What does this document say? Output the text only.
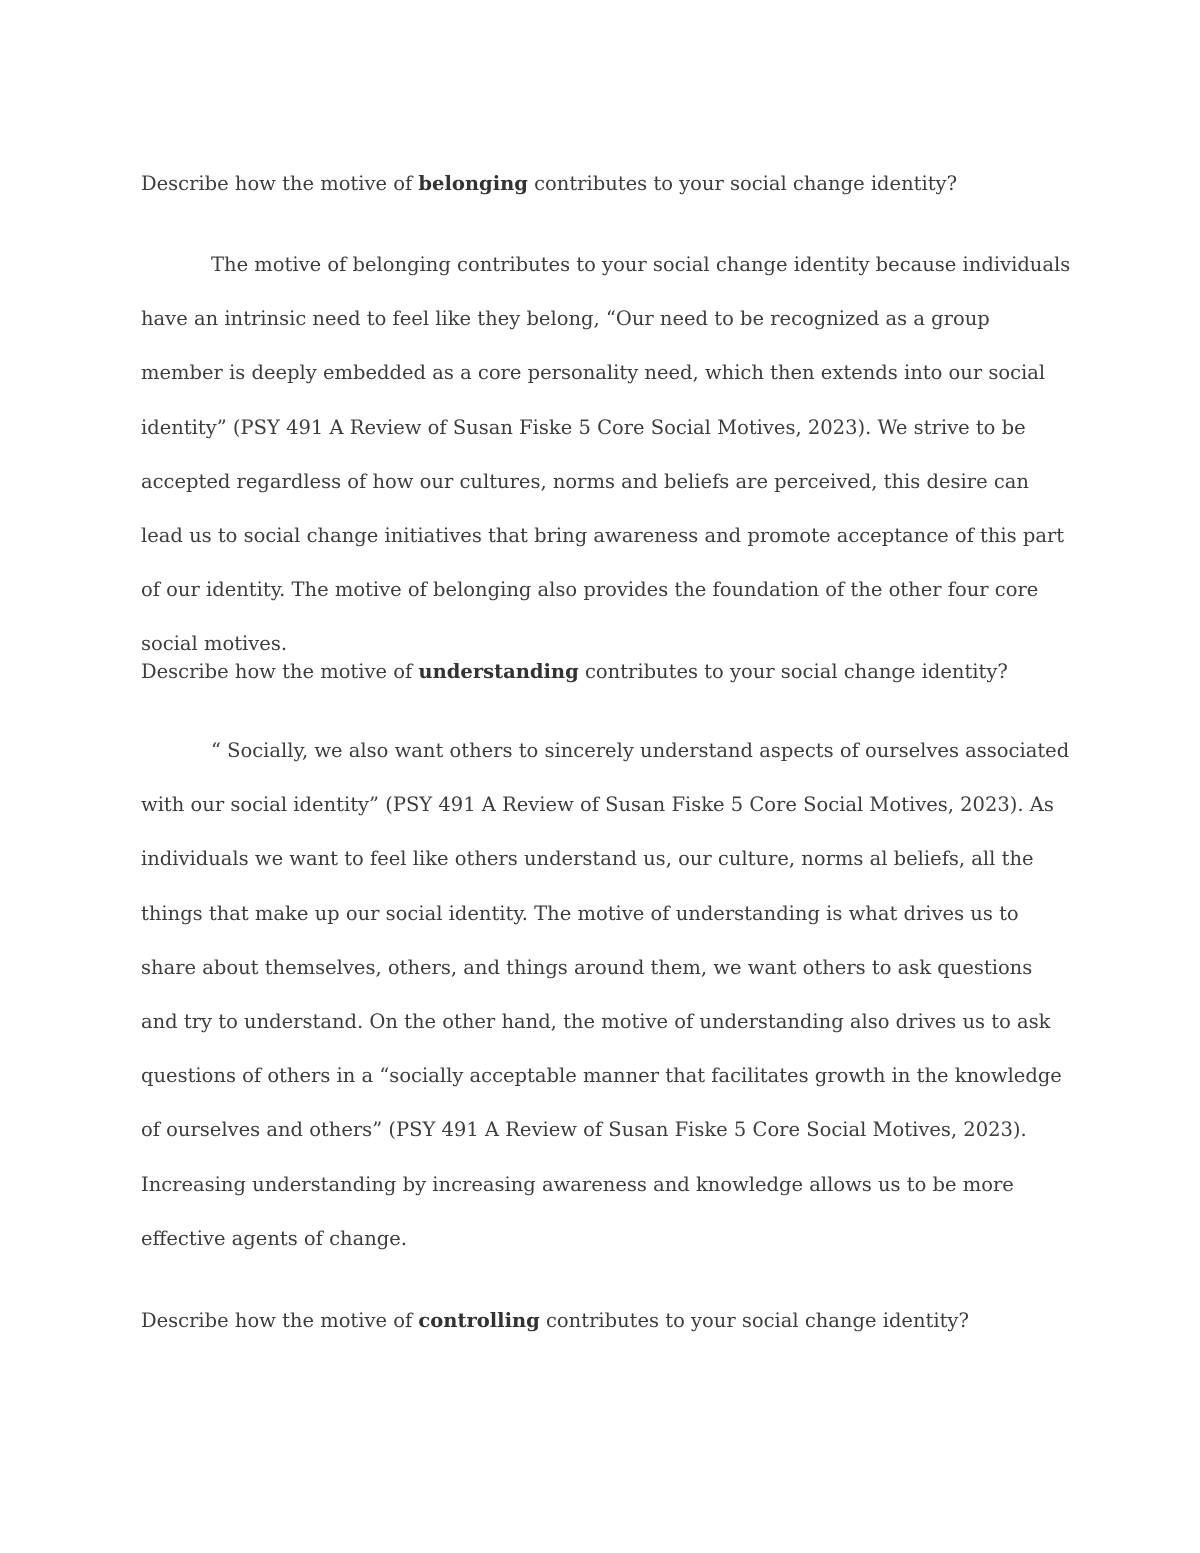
Describe how the motive of belonging contributes to your social change identity?

The motive of belonging contributes to your social change identity because individuals have an intrinsic need to feel like they belong, “Our need to be recognized as a group member is deeply embedded as a core personality need, which then extends into our social identity” (PSY 491 A Review of Susan Fiske 5 Core Social Motives, 2023). We strive to be accepted regardless of how our cultures, norms and beliefs are perceived, this desire can lead us to social change initiatives that bring awareness and promote acceptance of this part of our identity. The motive of belonging also provides the foundation of the other four core social motives.

Describe how the motive of understanding contributes to your social change identity?

“ Socially, we also want others to sincerely understand aspects of ourselves associated with our social identity” (PSY 491 A Review of Susan Fiske 5 Core Social Motives, 2023). As individuals we want to feel like others understand us, our culture, norms al beliefs, all the things that make up our social identity. The motive of understanding is what drives us to share about themselves, others, and things around them, we want others to ask questions and try to understand. On the other hand, the motive of understanding also drives us to ask questions of others in a “socially acceptable manner that facilitates growth in the knowledge of ourselves and others” (PSY 491 A Review of Susan Fiske 5 Core Social Motives, 2023). Increasing understanding by increasing awareness and knowledge allows us to be more effective agents of change.

Describe how the motive of controlling contributes to your social change identity?
